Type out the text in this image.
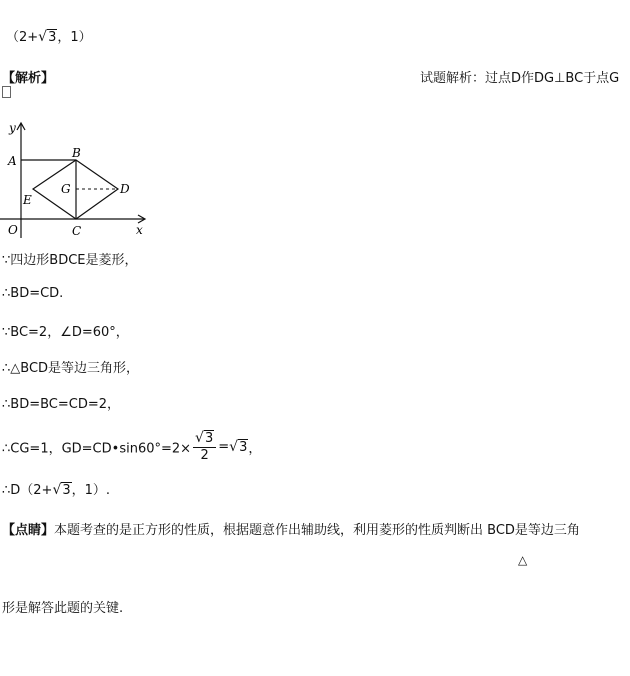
（2+√3，1）
【解析】	试题解析：过点D作DG⊥BC于点G
y
x
O
A
B
C
D
E
G
∵四边形BDCE是菱形，
∴BD=CD.
∵BC=2，∠D=60°，
∴△BCD是等边三角形，
∴BD=BC=CD=2，
∴CG=1，GD=CD•sin60°=2× $\frac{√3}{2} =√3$，
∴D（2+√3，1）.
【点睛】本题考查的是正方形的性质，根据题意作出辅助线，利用菱形的性质判断出 BCD是等边三角
△
形是解答此题的关键.
